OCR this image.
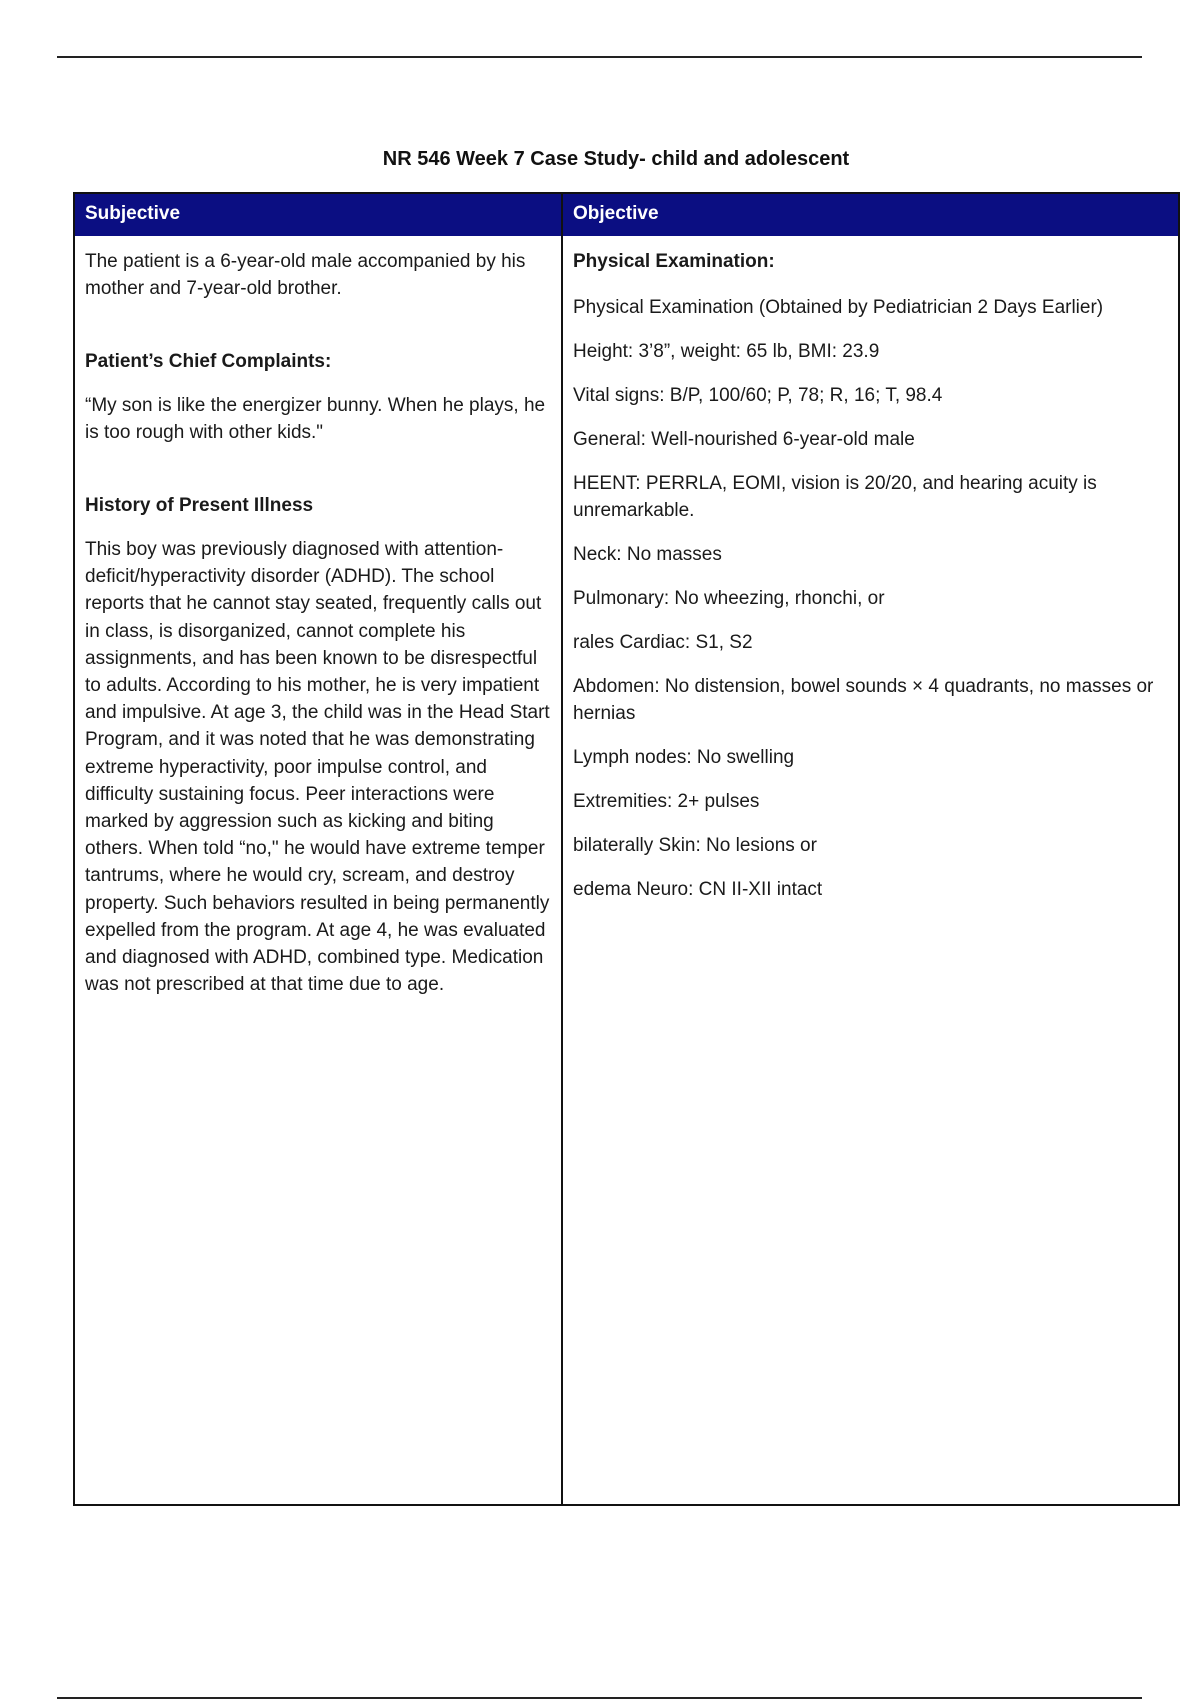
NR 546 Week 7 Case Study- child and adolescent
Subjective

The patient is a 6-year-old male accompanied by his mother and 7-year-old brother.

Patient’s Chief Complaints:

“My son is like the energizer bunny. When he plays, he is too rough with other kids."

History of Present Illness

This boy was previously diagnosed with attention-deficit/hyperactivity disorder (ADHD). The school reports that he cannot stay seated, frequently calls out in class, is disorganized, cannot complete his assignments, and has been known to be disrespectful to adults. According to his mother, he is very impatient and impulsive. At age 3, the child was in the Head Start Program, and it was noted that he was demonstrating extreme hyperactivity, poor impulse control, and difficulty sustaining focus. Peer interactions were marked by aggression such as kicking and biting others. When told “no," he would have extreme temper tantrums, where he would cry, scream, and destroy property. Such behaviors resulted in being permanently expelled from the program. At age 4, he was evaluated and diagnosed with ADHD, combined type. Medication was not prescribed at that time due to age.

Objective

Physical Examination:

Physical Examination (Obtained by Pediatrician 2 Days Earlier)

Height: 3’8”, weight: 65 lb, BMI: 23.9

Vital signs: B/P, 100/60; P, 78; R, 16; T, 98.4

General: Well-nourished 6-year-old male

HEENT: PERRLA, EOMI, vision is 20/20, and hearing acuity is unremarkable.

Neck: No masses

Pulmonary: No wheezing, rhonchi, or

rales Cardiac: S1, S2

Abdomen: No distension, bowel sounds × 4 quadrants, no masses or hernias

Lymph nodes: No swelling

Extremities: 2+ pulses

bilaterally Skin: No lesions or

edema Neuro: CN II-XII intact
